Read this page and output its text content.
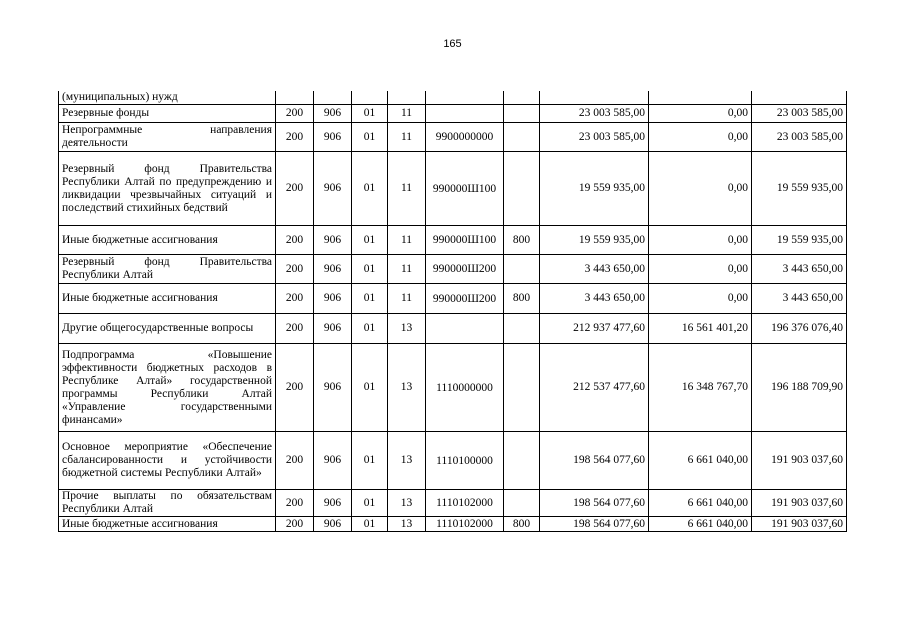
165
(муниципальных) нужд									
Резервные фонды	200	906	01	11			23 003 585,00	0,00	23 003 585,00
Непрограммные направления деятельности	200	906	01	11	9900000000		23 003 585,00	0,00	23 003 585,00
Резервный фонд Правительства Республики Алтай по предупреждению и ликвидации чрезвычайных ситуаций и последствий стихийных бедствий	200	906	01	11	990000Ш100		19 559 935,00	0,00	19 559 935,00
Иные бюджетные ассигнования	200	906	01	11	990000Ш100	800	19 559 935,00	0,00	19 559 935,00
Резервный фонд Правительства Республики Алтай	200	906	01	11	990000Ш200		3 443 650,00	0,00	3 443 650,00
Иные бюджетные ассигнования	200	906	01	11	990000Ш200	800	3 443 650,00	0,00	3 443 650,00
Другие общегосударственные вопросы	200	906	01	13			212 937 477,60	16 561 401,20	196 376 076,40
Подпрограмма «Повышение эффективности бюджетных расходов в Республике Алтай» государственной программы Республики Алтай «Управление государственными финансами»	200	906	01	13	1110000000		212 537 477,60	16 348 767,70	196 188 709,90
Основное мероприятие «Обеспечение сбалансированности и устойчивости бюджетной системы Республики Алтай»	200	906	01	13	1110100000		198 564 077,60	6 661 040,00	191 903 037,60
Прочие выплаты по обязательствам Республики Алтай	200	906	01	13	1110102000		198 564 077,60	6 661 040,00	191 903 037,60
Иные бюджетные ассигнования	200	906	01	13	1110102000	800	198 564 077,60	6 661 040,00	191 903 037,60
